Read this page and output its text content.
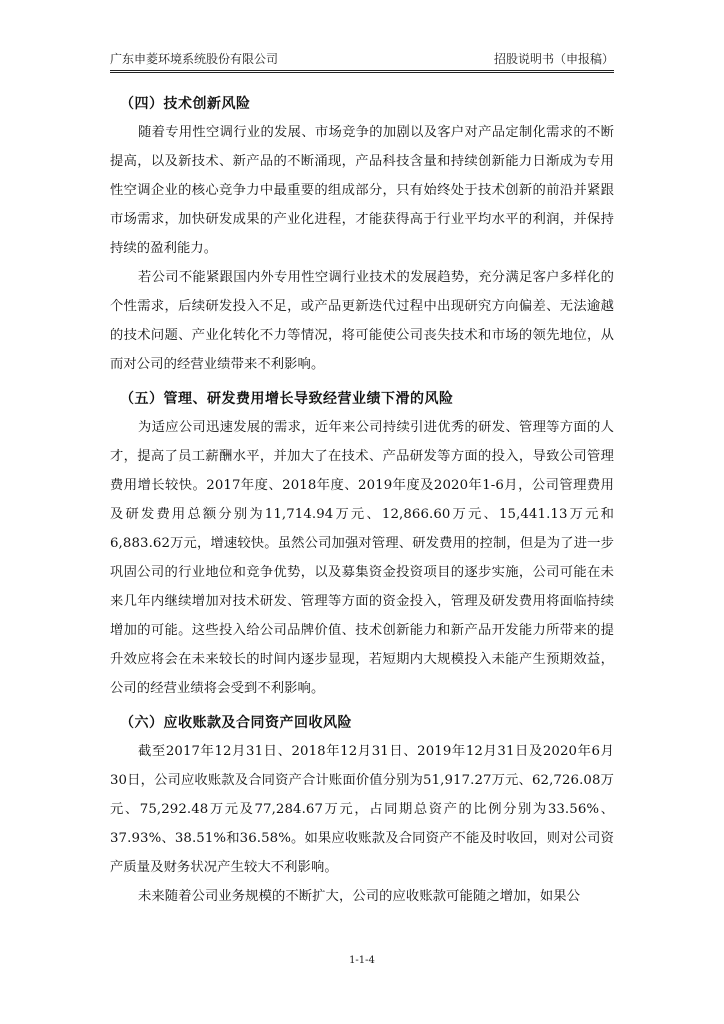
广东申菱环境系统股份有限公司	招股说明书（申报稿）
（四）技术创新风险

随着专用性空调行业的发展、市场竞争的加剧以及客户对产品定制化需求的不断提高，以及新技术、新产品的不断涌现，产品科技含量和持续创新能力日渐成为专用性空调企业的核心竞争力中最重要的组成部分，只有始终处于技术创新的前沿并紧跟市场需求，加快研发成果的产业化进程，才能获得高于行业平均水平的利润，并保持持续的盈利能力。

若公司不能紧跟国内外专用性空调行业技术的发展趋势，充分满足客户多样化的个性需求，后续研发投入不足，或产品更新迭代过程中出现研究方向偏差、无法逾越的技术问题、产业化转化不力等情况，将可能使公司丧失技术和市场的领先地位，从而对公司的经营业绩带来不利影响。

（五）管理、研发费用增长导致经营业绩下滑的风险

为适应公司迅速发展的需求，近年来公司持续引进优秀的研发、管理等方面的人才，提高了员工薪酬水平，并加大了在技术、产品研发等方面的投入，导致公司管理费用增长较快。2017年度、2018年度、2019年度及2020年1-6月，公司管理费用及研发费用总额分别为11,714.94万元、12,866.60万元、15,441.13万元和6,883.62万元，增速较快。虽然公司加强对管理、研发费用的控制，但是为了进一步巩固公司的行业地位和竞争优势，以及募集资金投资项目的逐步实施，公司可能在未来几年内继续增加对技术研发、管理等方面的资金投入，管理及研发费用将面临持续增加的可能。这些投入给公司品牌价值、技术创新能力和新产品开发能力所带来的提升效应将会在未来较长的时间内逐步显现，若短期内大规模投入未能产生预期效益，公司的经营业绩将会受到不利影响。

（六）应收账款及合同资产回收风险

截至2017年12月31日、2018年12月31日、2019年12月31日及2020年6月30日，公司应收账款及合同资产合计账面价值分别为51,917.27万元、62,726.08万元、75,292.48万元及77,284.67万元，占同期总资产的比例分别为33.56%、37.93%、38.51%和36.58%。如果应收账款及合同资产不能及时收回，则对公司资产质量及财务状况产生较大不利影响。

未来随着公司业务规模的不断扩大，公司的应收账款可能随之增加，如果公

1-1-4
